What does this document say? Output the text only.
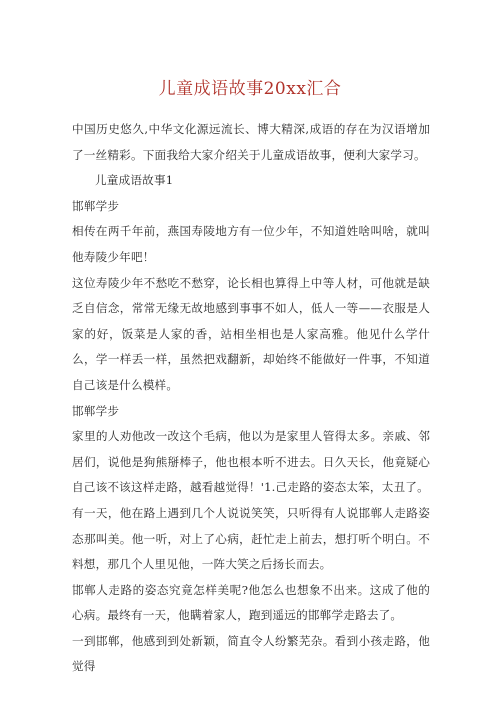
儿童成语故事20xx汇合

中国历史悠久,中华文化源远流长、博大精深,成语的存在为汉语增加了一丝精彩。下面我给大家介绍关于儿童成语故事，便利大家学习。

儿童成语故事1

邯郸学步

相传在两千年前，燕国寿陵地方有一位少年，不知道姓啥叫啥，就叫他寿陵少年吧！

这位寿陵少年不愁吃不愁穿，论长相也算得上中等人材，可他就是缺乏自信念，常常无缘无故地感到事事不如人，低人一等——衣服是人家的好，饭菜是人家的香，站相坐相也是人家高雅。他见什么学什么，学一样丢一样，虽然把戏翻新，却始终不能做好一件事，不知道自己该是什么模样。

邯郸学步

家里的人劝他改一改这个毛病，他以为是家里人管得太多。亲戚、邻居们，说他是狗熊掰棒子，他也根本听不进去。日久天长，他竟疑心自己该不该这样走路，越看越觉得！'1.己走路的姿态太笨，太丑了。

有一天，他在路上遇到几个人说说笑笑，只听得有人说邯郸人走路姿态那叫美。他一听，对上了心病，赶忙走上前去，想打听个明白。不料想，那几个人里见他，一阵大笑之后扬长而去。

邯郸人走路的姿态究竟怎样美呢?他怎么也想象不出来。这成了他的心病。最终有一天，他瞒着家人，跑到遥远的邯郸学走路去了。

一到邯郸，他感到到处新颖，简直令人纷繁芜杂。看到小孩走路，他觉得
